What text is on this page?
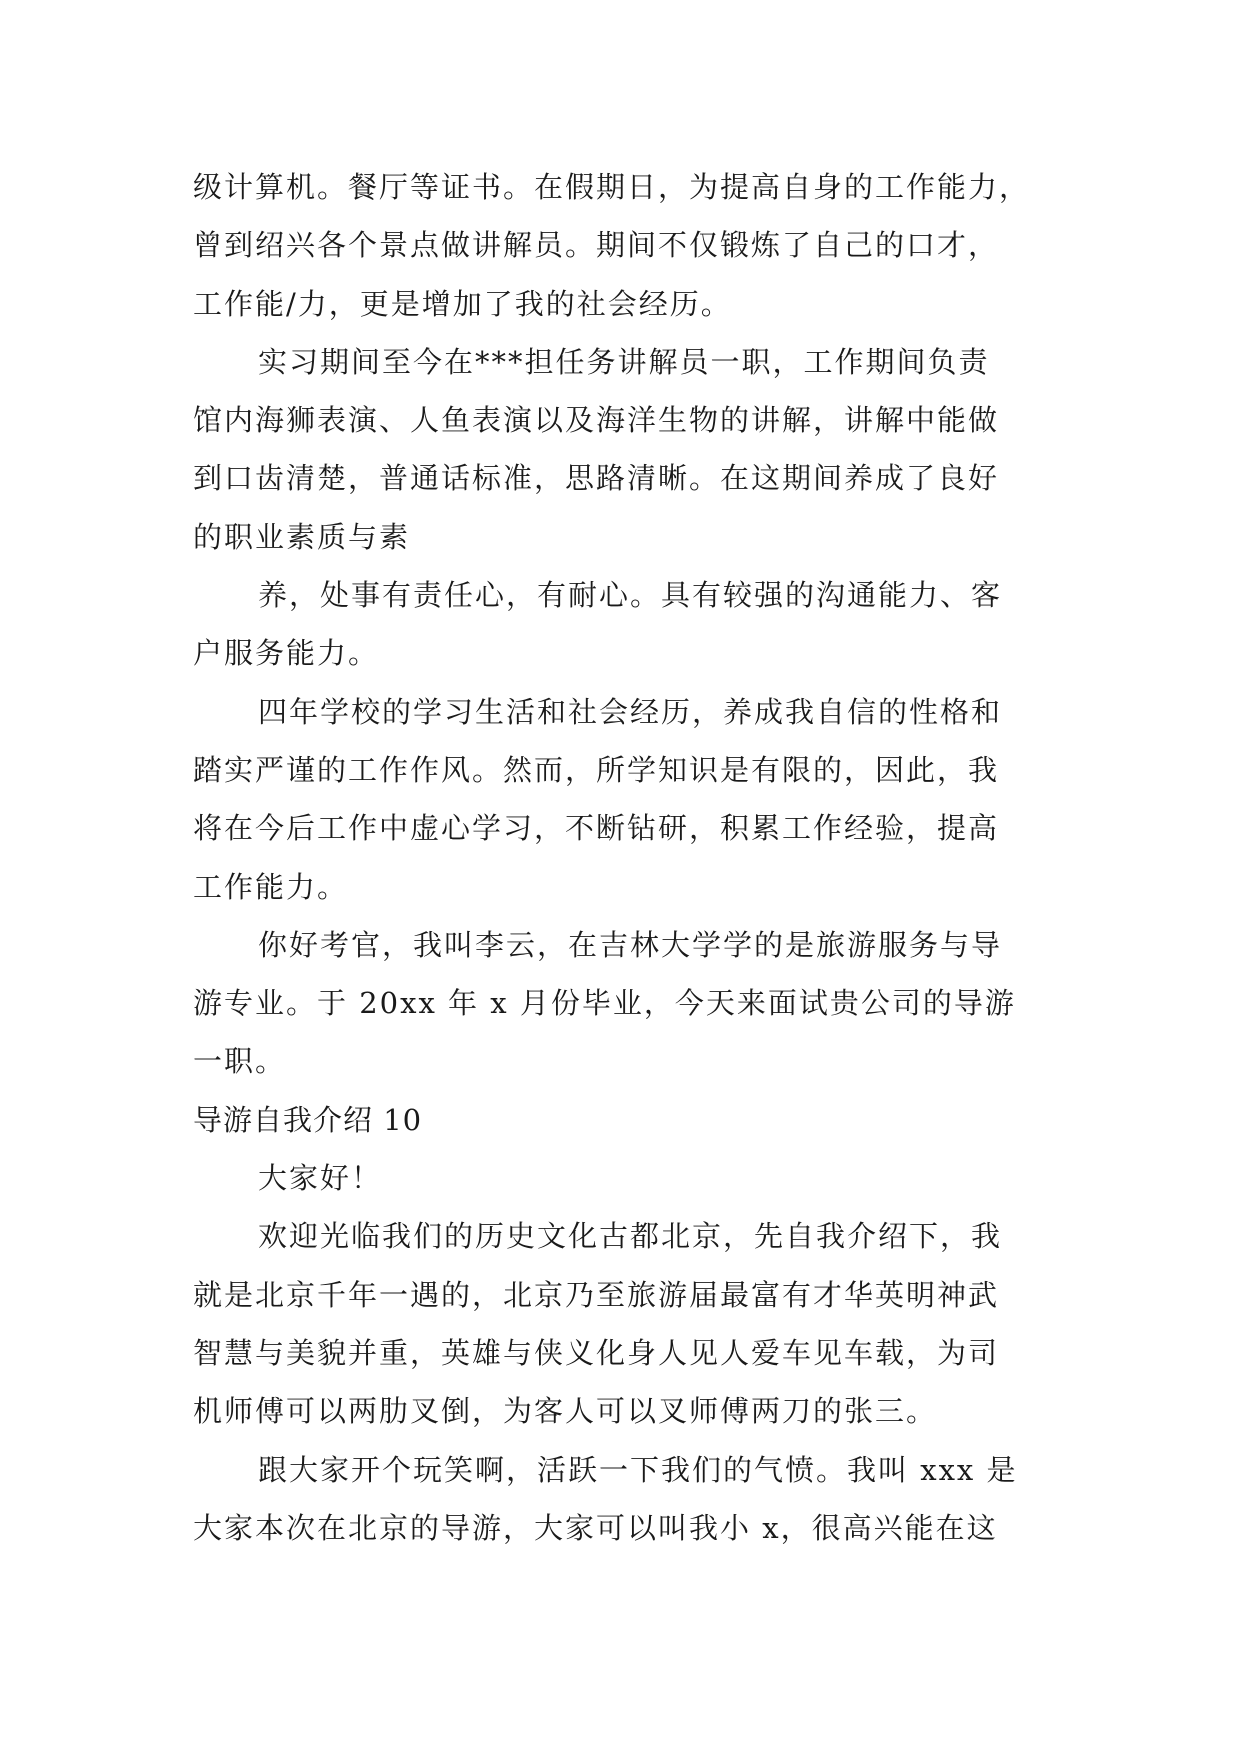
级计算机。餐厅等证书。在假期日，为提高自身的工作能力，
曾到绍兴各个景点做讲解员。期间不仅锻炼了自己的口才，
工作能/力，更是增加了我的社会经历。
实习期间至今在***担任务讲解员一职，工作期间负责
馆内海狮表演、人鱼表演以及海洋生物的讲解，讲解中能做
到口齿清楚，普通话标准，思路清晰。在这期间养成了良好
的职业素质与素
养，处事有责任心，有耐心。具有较强的沟通能力、客
户服务能力。
四年学校的学习生活和社会经历，养成我自信的性格和
踏实严谨的工作作风。然而，所学知识是有限的，因此，我
将在今后工作中虚心学习，不断钻研，积累工作经验，提高
工作能力。
你好考官，我叫李云，在吉林大学学的是旅游服务与导
游专业。于 20xx 年 x 月份毕业，今天来面试贵公司的导游
一职。
导游自我介绍 10
大家好！
欢迎光临我们的历史文化古都北京，先自我介绍下，我
就是北京千年一遇的，北京乃至旅游届最富有才华英明神武
智慧与美貌并重，英雄与侠义化身人见人爱车见车载，为司
机师傅可以两肋叉倒，为客人可以叉师傅两刀的张三。
跟大家开个玩笑啊，活跃一下我们的气愤。我叫 xxx 是
大家本次在北京的导游，大家可以叫我小 x，很高兴能在这
